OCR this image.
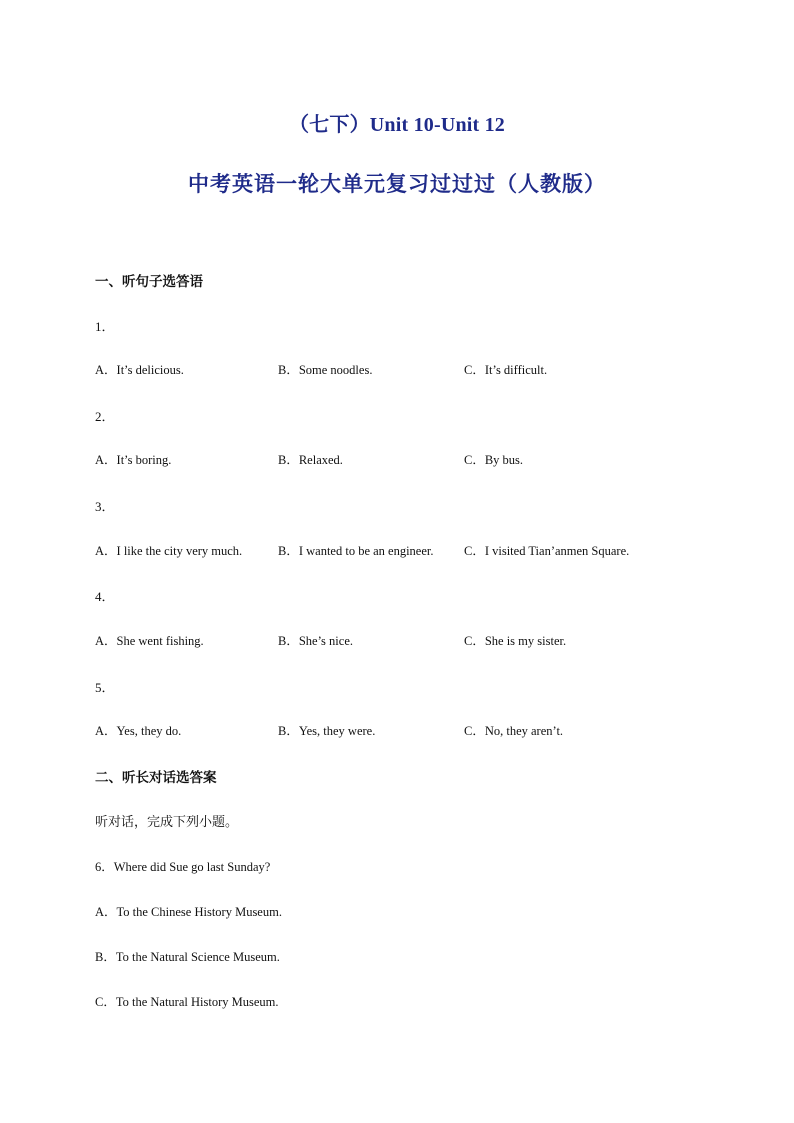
（七下）Unit 10-Unit 12
中考英语一轮大单元复习过过过（人教版）
一、听句子选答语
1．
A．It’s delicious.	B．Some noodles.	C．It’s difficult.
2．
A．It’s boring.	B．Relaxed.	C．By bus.
3．
A．I like the city very much.	B．I wanted to be an engineer. C．I visited Tian’anmen Square.
4．
A．She went fishing.	B．She’s nice.	C．She is my sister.
5．
A．Yes, they do.	B．Yes, they were.	C．No, they aren’t.
二、听长对话选答案
听对话，完成下列小题。
6．Where did Sue go last Sunday?
A．To the Chinese History Museum.
B．To the Natural Science Museum.
C．To the Natural History Museum.
